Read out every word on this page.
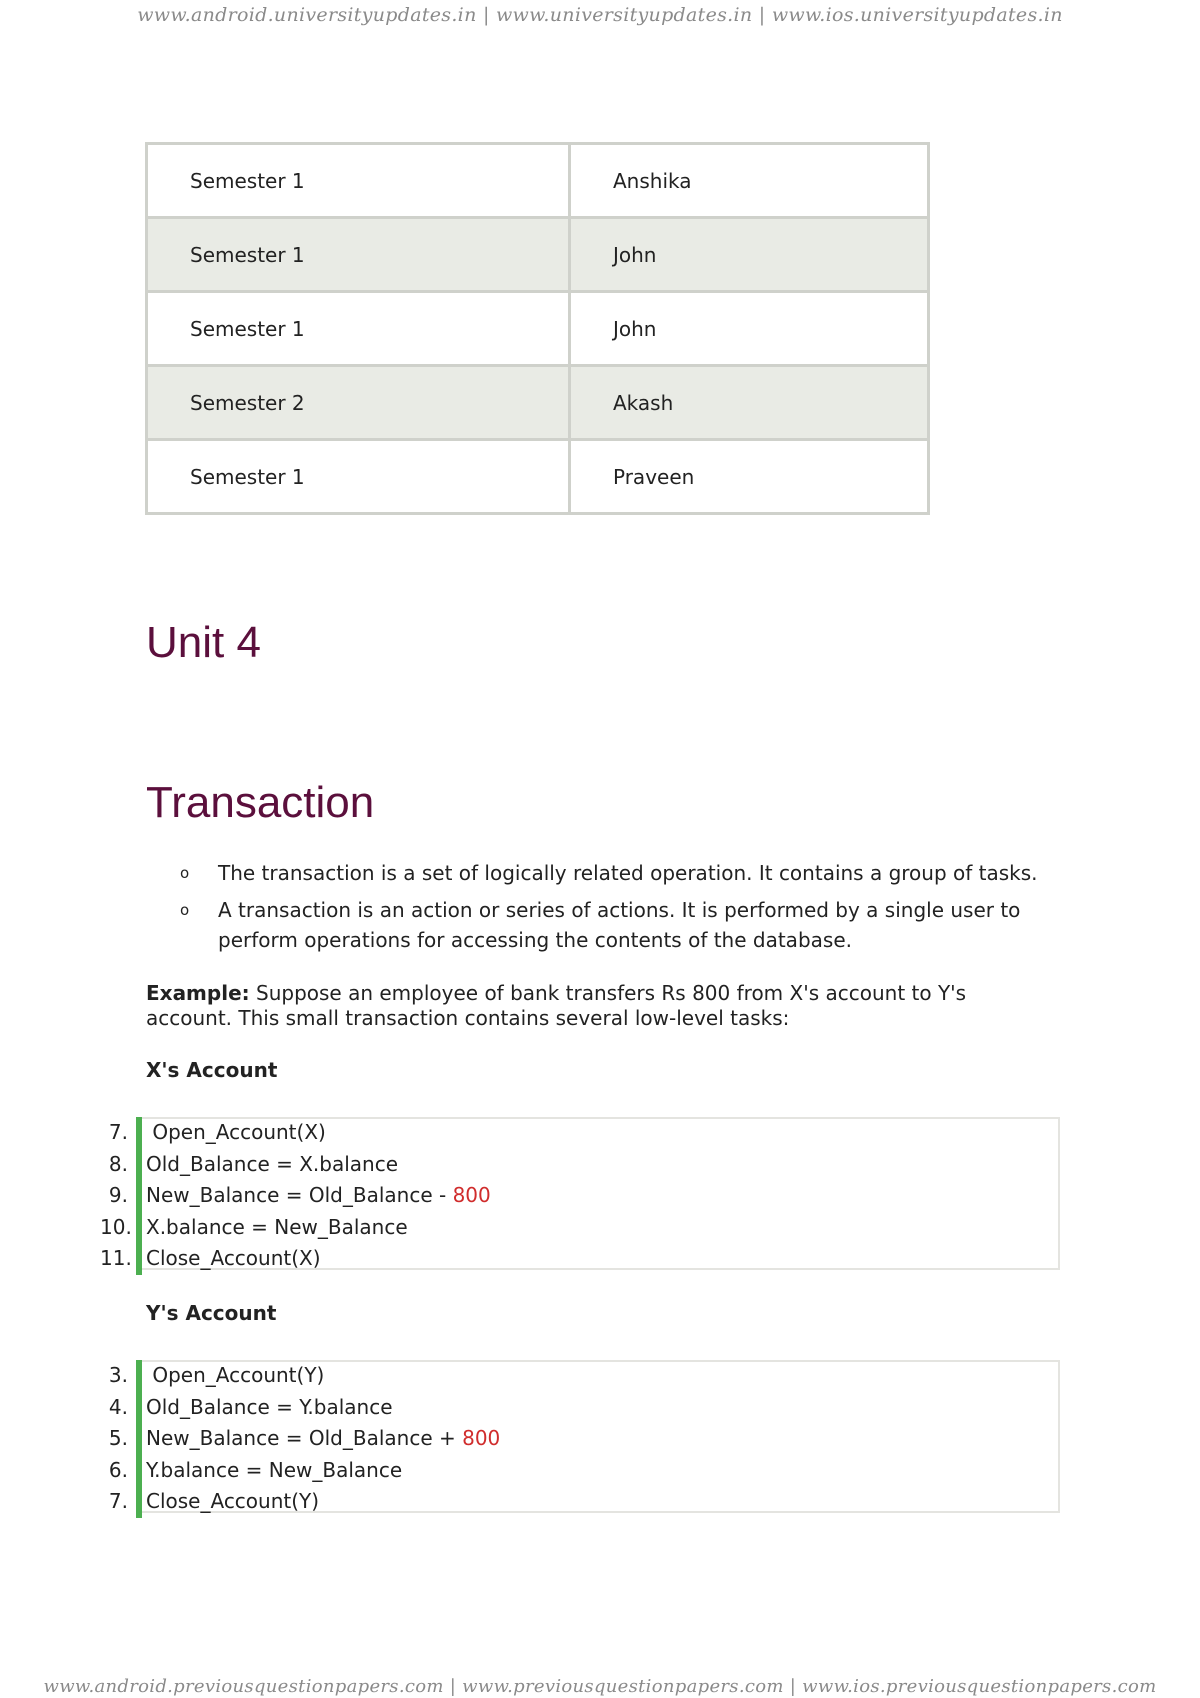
www.android.universityupdates.in | www.universityupdates.in | www.ios.universityupdates.in
Semester 1	Anshika
Semester 1	John
Semester 1	John
Semester 2	Akash
Semester 1	Praveen
Unit 4
Transaction
o The transaction is a set of logically related operation. It contains a group of tasks.
o A transaction is an action or series of actions. It is performed by a single user to perform operations for accessing the contents of the database.

Example: Suppose an employee of bank transfers Rs 800 from X's account to Y's account. This small transaction contains several low-level tasks:

X's Account
7. Open_Account(X)
8. Old_Balance = X.balance
9. New_Balance = Old_Balance - 800
10. X.balance = New_Balance
11. Close_Account(X)
Y's Account
3. Open_Account(Y)
4. Old_Balance = Y.balance
5. New_Balance = Old_Balance + 800
6. Y.balance = New_Balance
7. Close_Account(Y)
www.android.previousquestionpapers.com | www.previousquestionpapers.com | www.ios.previousquestionpapers.com
